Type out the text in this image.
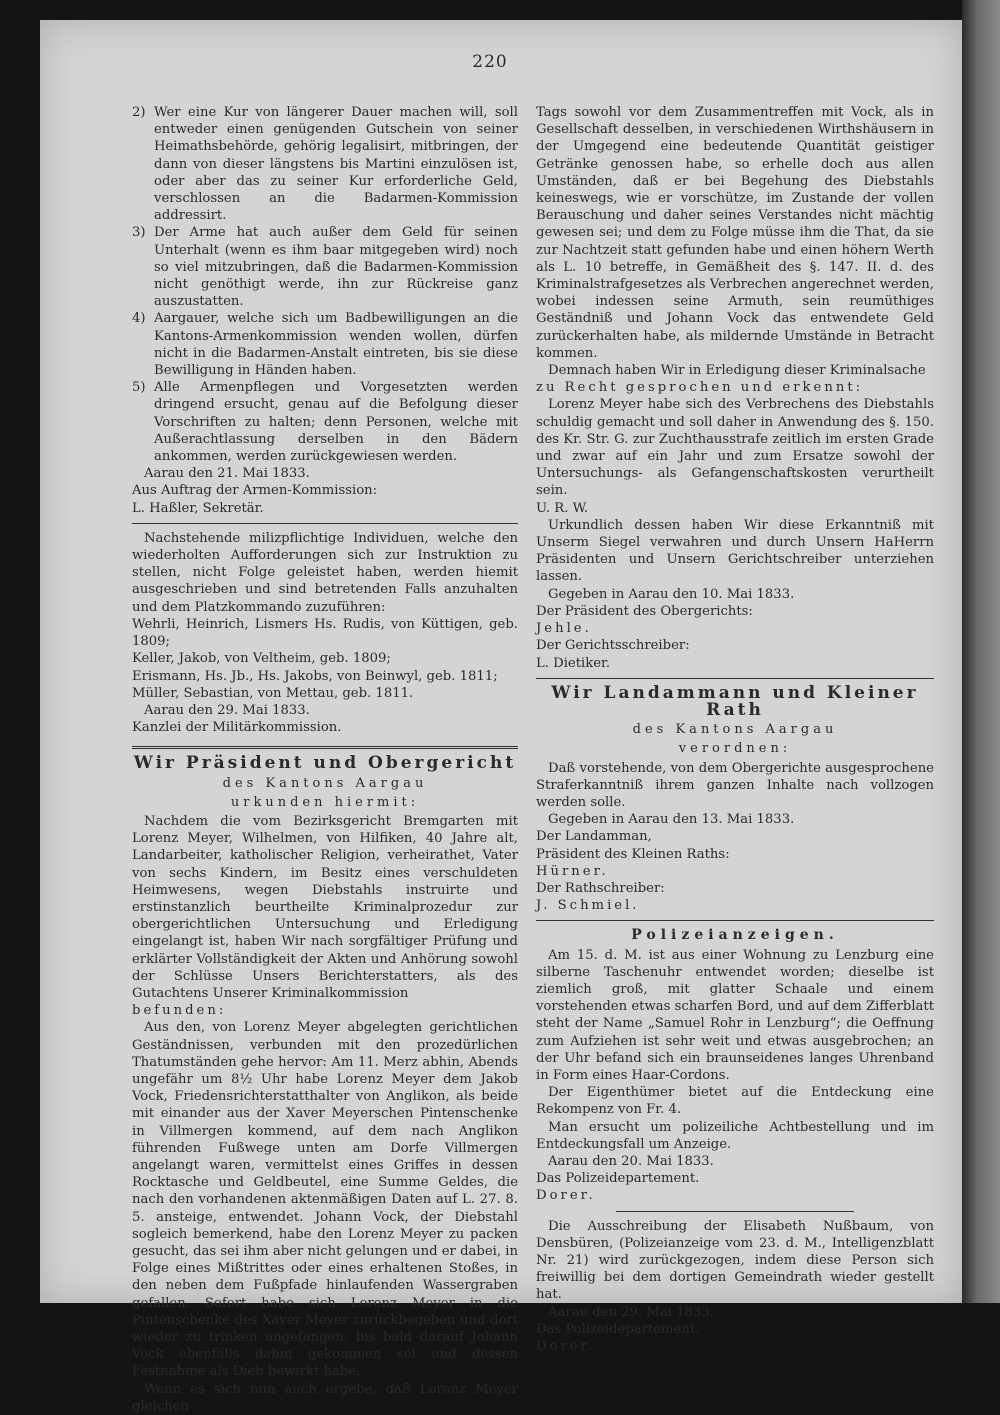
220
2) Wer eine Kur von längerer Dauer machen will, soll entweder einen genügenden Gutschein von seiner Heimathsbehörde, gehörig legalisirt, mitbringen, der dann von dieser längstens bis Martini einzulösen ist, oder aber das zu seiner Kur erforderliche Geld, verschlossen an die Badarmen-Kommission addressirt.
3) Der Arme hat auch außer dem Geld für seinen Unterhalt (wenn es ihm baar mitgegeben wird) noch so viel mitzubringen, daß die Badarmen-Kommission nicht genöthigt werde, ihn zur Rückreise ganz auszustatten.
4) Aargauer, welche sich um Badbewilligungen an die Kantons-Armenkommission wenden wollen, dürfen nicht in die Badarmen-Anstalt eintreten, bis sie diese Bewilligung in Händen haben.
5) Alle Armenpflegen und Vorgesetzten werden dringend ersucht, genau auf die Befolgung dieser Vorschriften zu halten; denn Personen, welche mit Außerachtlassung derselben in den Bädern ankommen, werden zurückgewiesen werden.

Aarau den 21. Mai 1833.

Aus Auftrag der Armen-Kommission:

L. Haßler, Sekretär.

Nachstehende milizpflichtige Individuen, welche den wiederholten Aufforderungen sich zur Instruktion zu stellen, nicht Folge geleistet haben, werden hiemit ausgeschrieben und sind betretenden Falls anzuhalten und dem Platzkommando zuzuführen:

Wehrli, Heinrich, Lismers Hs. Rudis, von Küttigen, geb. 1809;

Keller, Jakob, von Veltheim, geb. 1809;

Erismann, Hs. Jb., Hs. Jakobs, von Beinwyl, geb. 1811;

Müller, Sebastian, von Mettau, geb. 1811.

Aarau den 29. Mai 1833.

Kanzlei der Militärkommission.

Wir Präsident und Obergericht
des Kantons Aargau
urkunden hiermit:

Nachdem die vom Bezirksgericht Bremgarten mit Lorenz Meyer, Wilhelmen, von Hilfiken, 40 Jahre alt, Landarbeiter, katholischer Religion, verheirathet, Vater von sechs Kindern, im Besitz eines verschuldeten Heimwesens, wegen Diebstahls instruirte und erstinstanzlich beurtheilte Kriminalprozedur zur obergerichtlichen Untersuchung und Erledigung eingelangt ist, haben Wir nach sorgfältiger Prüfung und erklärter Vollständigkeit der Akten und Anhörung sowohl der Schlüsse Unsers Berichterstatters, als des Gutachtens Unserer Kriminalkommission

befunden:

Aus den, von Lorenz Meyer abgelegten gerichtlichen Geständnissen, verbunden mit den prozedürlichen Thatumständen gehe hervor: Am 11. Merz abhin, Abends ungefähr um 8½ Uhr habe Lorenz Meyer dem Jakob Vock, Friedensrichterstatthalter von Anglikon, als beide mit einander aus der Xaver Meyerschen Pintenschenke in Villmergen kommend, auf dem nach Anglikon führenden Fußwege unten am Dorfe Villmergen angelangt waren, vermittelst eines Griffes in dessen Rocktasche und Geldbeutel, eine Summe Geldes, die nach den vorhandenen aktenmäßigen Daten auf L. 27. 8. 5. ansteige, entwendet. Johann Vock, der Diebstahl sogleich bemerkend, habe den Lorenz Meyer zu packen gesucht, das sei ihm aber nicht gelungen und er dabei, in Folge eines Mißtrittes oder eines erhaltenen Stoßes, in den neben dem Fußpfade hinlaufenden Wassergraben gefallen. Sofort habe sich Lorenz Meyer in die Pintenschenke des Xaver Meyer zurückbegeben und dort wieder zu trinken angefangen, bis bald darauf Johann Vock ebenfalls dahin gekommen sei und dessen Festnahme als Dieb bewirkt habe.

Wenn es sich nun auch ergebe, daß Lorenz Meyer gleichen

Tags sowohl vor dem Zusammentreffen mit Vock, als in Gesellschaft desselben, in verschiedenen Wirthshäusern in der Umgegend eine bedeutende Quantität geistiger Getränke genossen habe, so erhelle doch aus allen Umständen, daß er bei Begehung des Diebstahls keineswegs, wie er vorschütze, im Zustande der vollen Berauschung und daher seines Verstandes nicht mächtig gewesen sei; und dem zu Folge müsse ihm die That, da sie zur Nachtzeit statt gefunden habe und einen höhern Werth als L. 10 betreffe, in Gemäßheit des §. 147. II. d. des Kriminalstrafgesetzes als Verbrechen angerechnet werden, wobei indessen seine Armuth, sein reumüthiges Geständniß und Johann Vock das entwendete Geld zurückerhalten habe, als mildernde Umstände in Betracht kommen.

Demnach haben Wir in Erledigung dieser Kriminalsache

zu Recht gesprochen und erkennt:

Lorenz Meyer habe sich des Verbrechens des Diebstahls schuldig gemacht und soll daher in Anwendung des §. 150. des Kr. Str. G. zur Zuchthausstrafe zeitlich im ersten Grade und zwar auf ein Jahr und zum Ersatze sowohl der Untersuchungs- als Gefangenschaftskosten verurtheilt sein.

U. R. W.

Urkundlich dessen haben Wir diese Erkanntniß mit Unserm Siegel verwahren und durch Unsern HaHerrn Präsidenten und Unsern Gerichtschreiber unterziehen lassen.

Gegeben in Aarau den 10. Mai 1833.

Der Präsident des Obergerichts:

Jehle.

Der Gerichtsschreiber:

L. Dietiker.

Wir Landammann und Kleiner Rath
des Kantons Aargau
verordnen:

Daß vorstehende, von dem Obergerichte ausgesprochene Straferkanntniß ihrem ganzen Inhalte nach vollzogen werden solle.

Gegeben in Aarau den 13. Mai 1833.

Der Landamman,

Präsident des Kleinen Raths:

Hürner.

Der Rathschreiber:

J. Schmiel.

Polizeianzeigen.

Am 15. d. M. ist aus einer Wohnung zu Lenzburg eine silberne Taschenuhr entwendet worden; dieselbe ist ziemlich groß, mit glatter Schaale und einem vorstehenden etwas scharfen Bord, und auf dem Zifferblatt steht der Name „Samuel Rohr in Lenzburg“; die Oeffnung zum Aufziehen ist sehr weit und etwas ausgebrochen; an der Uhr befand sich ein braunseidenes langes Uhrenband in Form eines Haar-Cordons.

Der Eigenthümer bietet auf die Entdeckung eine Rekompenz von Fr. 4.

Man ersucht um polizeiliche Achtbestellung und im Entdeckungsfall um Anzeige.

Aarau den 20. Mai 1833.

Das Polizeidepartement.

Dorer.

Die Ausschreibung der Elisabeth Nußbaum, von Densbüren, (Polizeianzeige vom 23. d. M., Intelligenzblatt Nr. 21) wird zurückgezogen, indem diese Person sich freiwillig bei dem dortigen Gemeindrath wieder gestellt hat.

Aarau den 29. Mai 1833.

Das Polizeidepartement.

Dorer.
